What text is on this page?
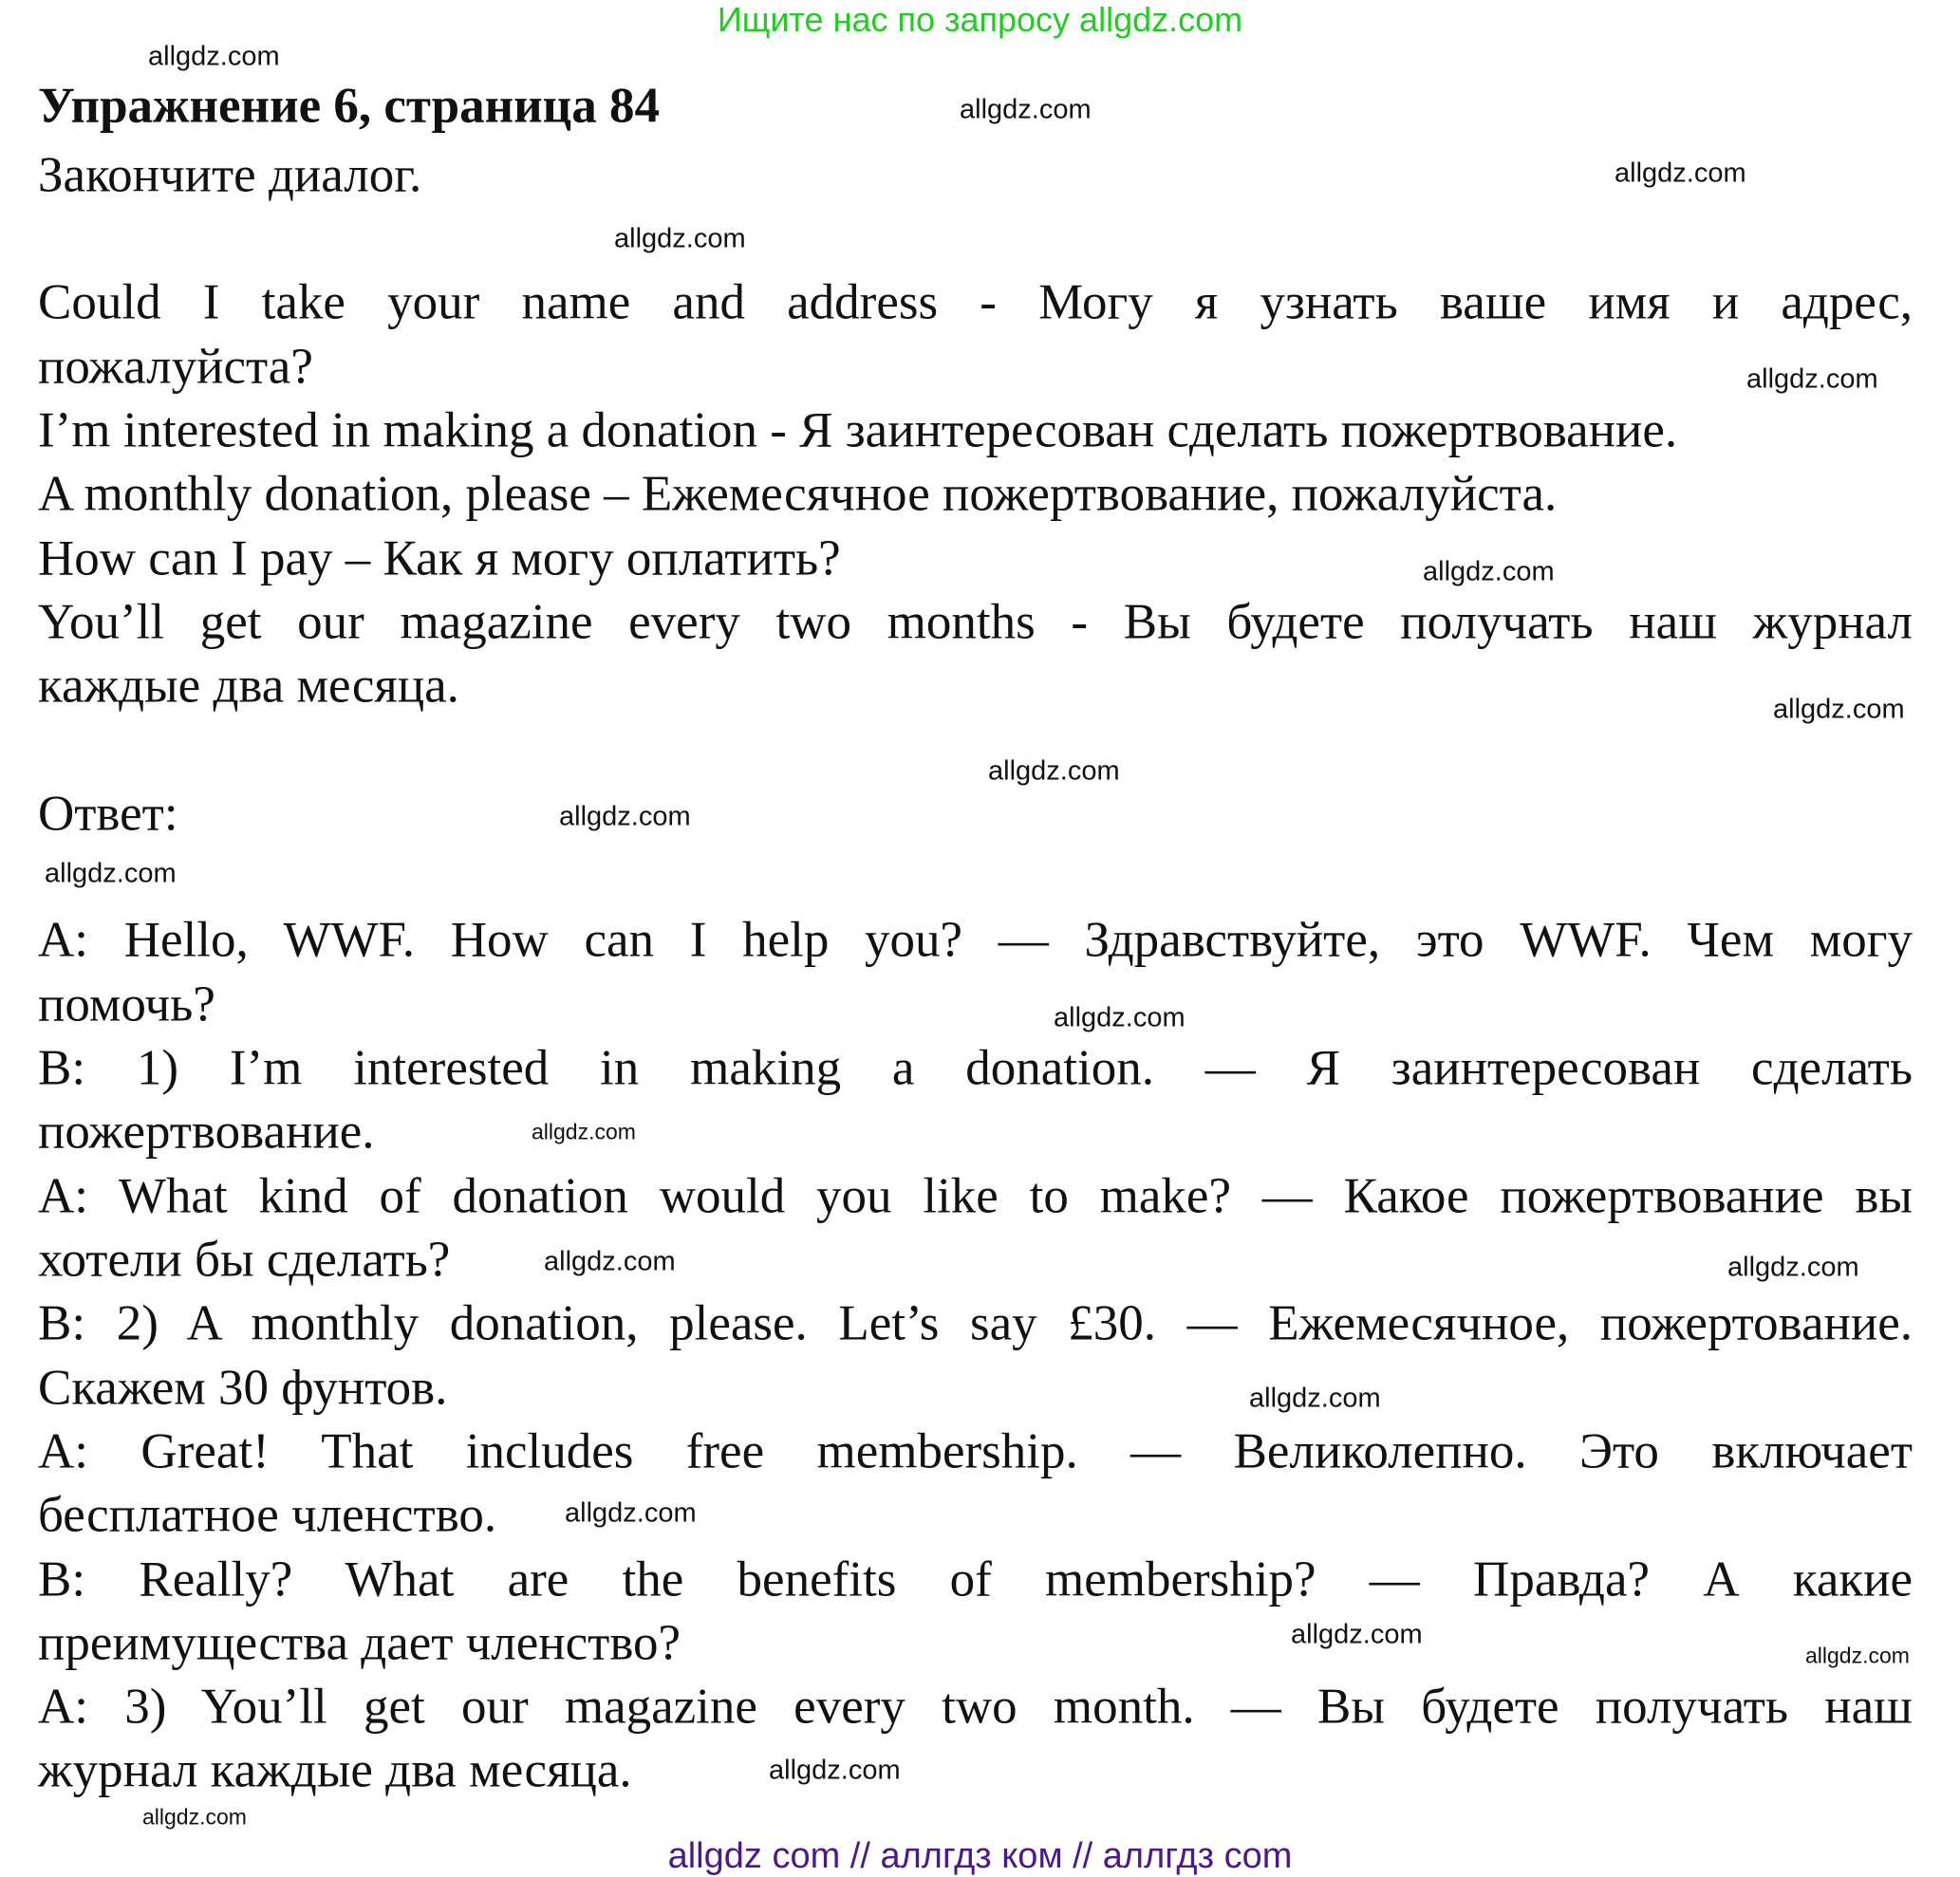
Ищите нас по запросу allgdz.com
Упражнение 6, страница 84
Закончите диалог.
Could I take your name and address - Могу я узнать ваше имя и адрес,
пожалуйста?
I’m interested in making a donation - Я заинтересован сделать пожертвование.
A monthly donation, please – Ежемесячное пожертвование, пожалуйста.
How can I pay – Как я могу оплатить?
You’ll get our magazine every two months - Вы будете получать наш журнал
каждые два месяца.
Ответ:
A: Hello, WWF. How can I help you? — Здравствуйте, это WWF. Чем могу
помочь?
B: 1) I’m interested in making a donation. — Я заинтересован сделать
пожертвование.
A: What kind of donation would you like to make? — Какое пожертвование вы
хотели бы сделать?
B: 2) A monthly donation, please. Let’s say £30. — Ежемесячное, пожертование.
Скажем 30 фунтов.
A: Great! That includes free membership. — Великолепно. Это включает
бесплатное членство.
B: Really? What are the benefits of membership? — Правда? А какие
преимущества дает членство?
A: 3) You’ll get our magazine every two month. — Вы будете получать наш
журнал каждые два месяца.
allgdz.com
allgdz.com
allgdz.com
allgdz.com
allgdz.com
allgdz.com
allgdz.com
allgdz.com
allgdz.com
allgdz.com
allgdz.com
allgdz.com
allgdz.com	allgdz.com
allgdz.com
allgdz.com
allgdz.com
allgdz.com
allgdz.com
allgdz.com
allgdz com // аллгдз ком // аллгдз com
